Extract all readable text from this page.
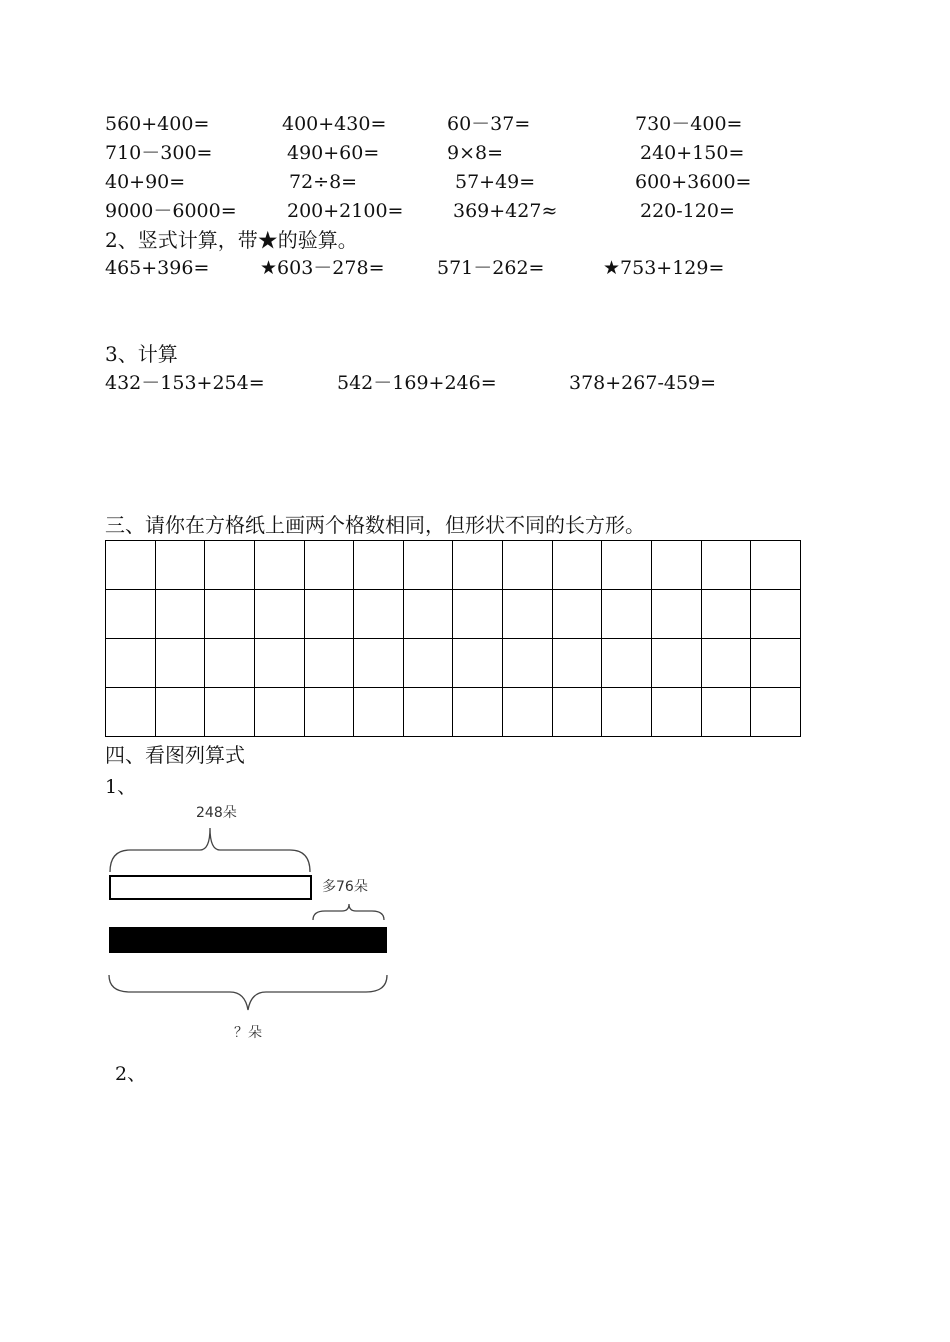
560+400=	400+430=	60－37=	730－400=
710－300=	490+60=	9×8=	240+150=
40+90=	72÷8=	57+49=	600+3600=
9000－6000=	200+2100=	369+427≈	220-120=
2、竖式计算，带★的验算。
465+396=	★603－278=	571－262=	★753+129=
3、计算
432－153+254=	542－169+246=	378+267-459=
三、请你在方格纸上画两个格数相同，但形状不同的长方形。
四、看图列算式
1、
248朵
多76朵
？朵
2、
